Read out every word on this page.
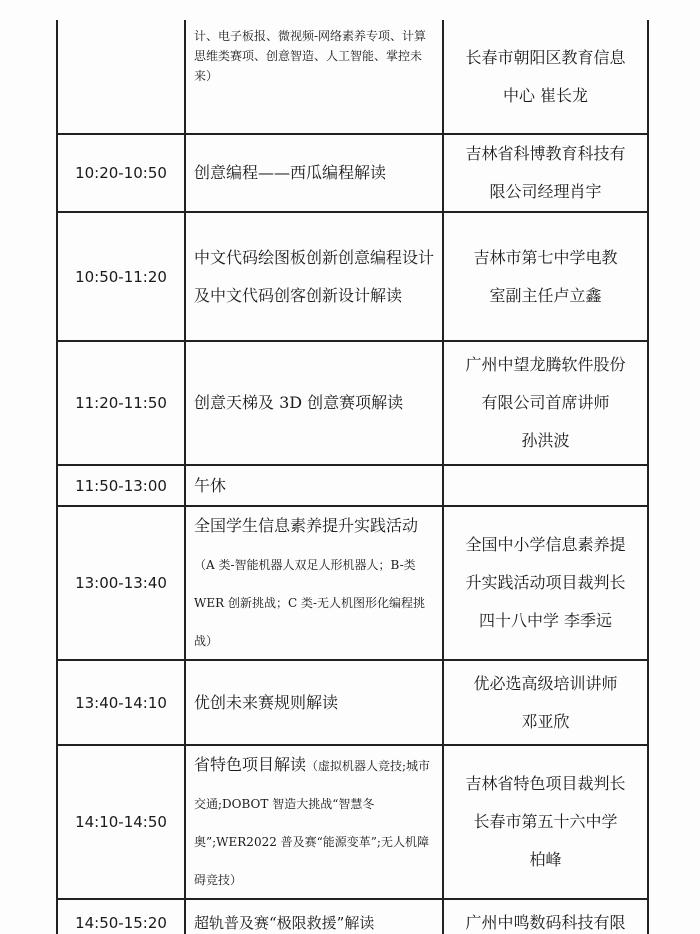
	计、电子板报、微视频-网络素养专项、计算思维类赛项、创意智造、人工智能、掌控未来）	长春市朝阳区教育信息
中心 崔长龙

10:20-10:50	创意编程——西瓜编程解读	吉林省科博教育科技有
限公司经理肖宇

10:50-11:20	中文代码绘图板创新创意编程设计及中文代码创客创新设计解读	吉林市第七中学电教
室副主任卢立鑫

11:20-11:50	创意天梯及 3D 创意赛项解读	广州中望龙腾软件股份
有限公司首席讲师
孙洪波

11:50-13:00	午休	
13:00-13:40	全国学生信息素养提升实践活动（A 类-智能机器人双足人形机器人；B-类 WER 创新挑战；C 类-无人机图形化编程挑战）	全国中小学信息素养提
升实践活动项目裁判长
四十八中学 李季远

13:40-14:10	优创未来赛规则解读	优必选高级培训讲师
邓亚欣

14:10-14:50	省特色项目解读（虚拟机器人竞技;城市交通;DOBOT 智造大挑战“智慧冬奥”;WER2022 普及赛“能源变革”;无人机障碍竞技）	吉林省特色项目裁判长
长春市第五十六中学
柏峰

14:50-15:20	超轨普及赛“极限救援”解读	广州中鸣数码科技有限
